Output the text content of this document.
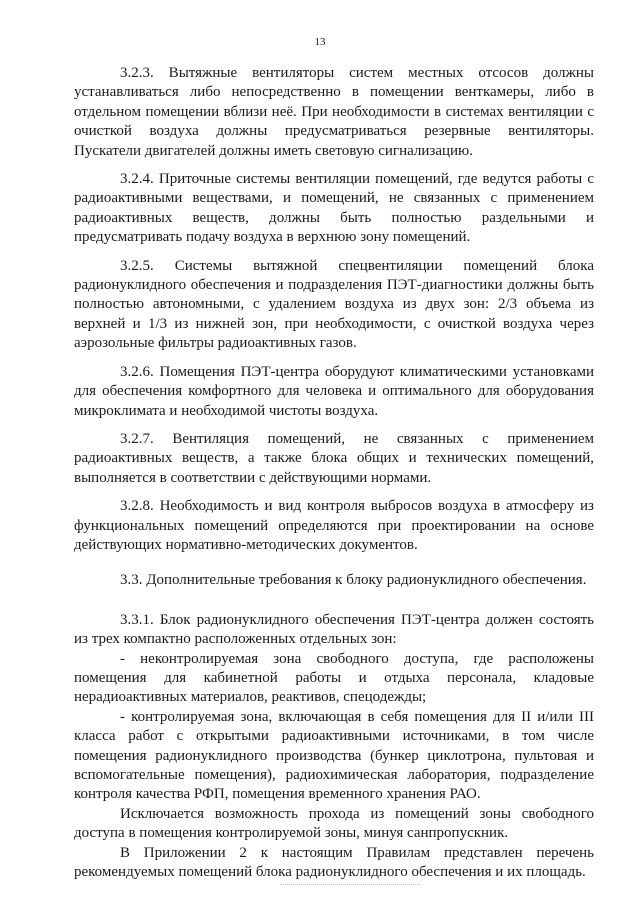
13

3.2.3. Вытяжные вентиляторы систем местных отсосов должны устанавливаться либо непосредственно в помещении венткамеры, либо в отдельном помещении вблизи неё. При необходимости в системах вентиляции с очисткой воздуха должны предусматриваться резервные вентиляторы. Пускатели двигателей должны иметь световую сигнализацию.

3.2.4. Приточные системы вентиляции помещений, где ведутся работы с радиоактивными веществами, и помещений, не связанных с применением радиоактивных веществ, должны быть полностью раздельными и предусматривать подачу воздуха в верхнюю зону помещений.

3.2.5. Системы вытяжной спецвентиляции помещений блока радионуклидного обеспечения и подразделения ПЭТ-диагностики должны быть полностью автономными, с удалением воздуха из двух зон: 2/3 объема из верхней и 1/3 из нижней зон, при необходимости, с очисткой воздуха через аэрозольные фильтры радиоактивных газов.

3.2.6. Помещения ПЭТ-центра оборудуют климатическими установками для обеспечения комфортного для человека и оптимального для оборудования микроклимата и необходимой чистоты воздуха.

3.2.7. Вентиляция помещений, не связанных с применением радиоактивных веществ, а также блока общих и технических помещений, выполняется в соответствии с действующими нормами.

3.2.8. Необходимость и вид контроля выбросов воздуха в атмосферу из функциональных помещений определяются при проектировании на основе действующих нормативно-методических документов.

3.3. Дополнительные требования к блоку радионуклидного обеспечения.

3.3.1. Блок радионуклидного обеспечения ПЭТ-центра должен состоять из трех компактно расположенных отдельных зон:

- неконтролируемая зона свободного доступа, где расположены помещения для кабинетной работы и отдыха персонала, кладовые нерадиоактивных материалов, реактивов, спецодежды;

- контролируемая зона, включающая в себя помещения для II и/или III класса работ с открытыми радиоактивными источниками, в том числе помещения радионуклидного производства (бункер циклотрона, пультовая и вспомогательные помещения), радиохимическая лаборатория, подразделение контроля качества РФП, помещения временного хранения РАО.

Исключается возможность прохода из помещений зоны свободного доступа в помещения контролируемой зоны, минуя санпропускник.

В Приложении 2 к настоящим Правилам представлен перечень рекомендуемых помещений блока радионуклидного обеспечения и их площадь.
